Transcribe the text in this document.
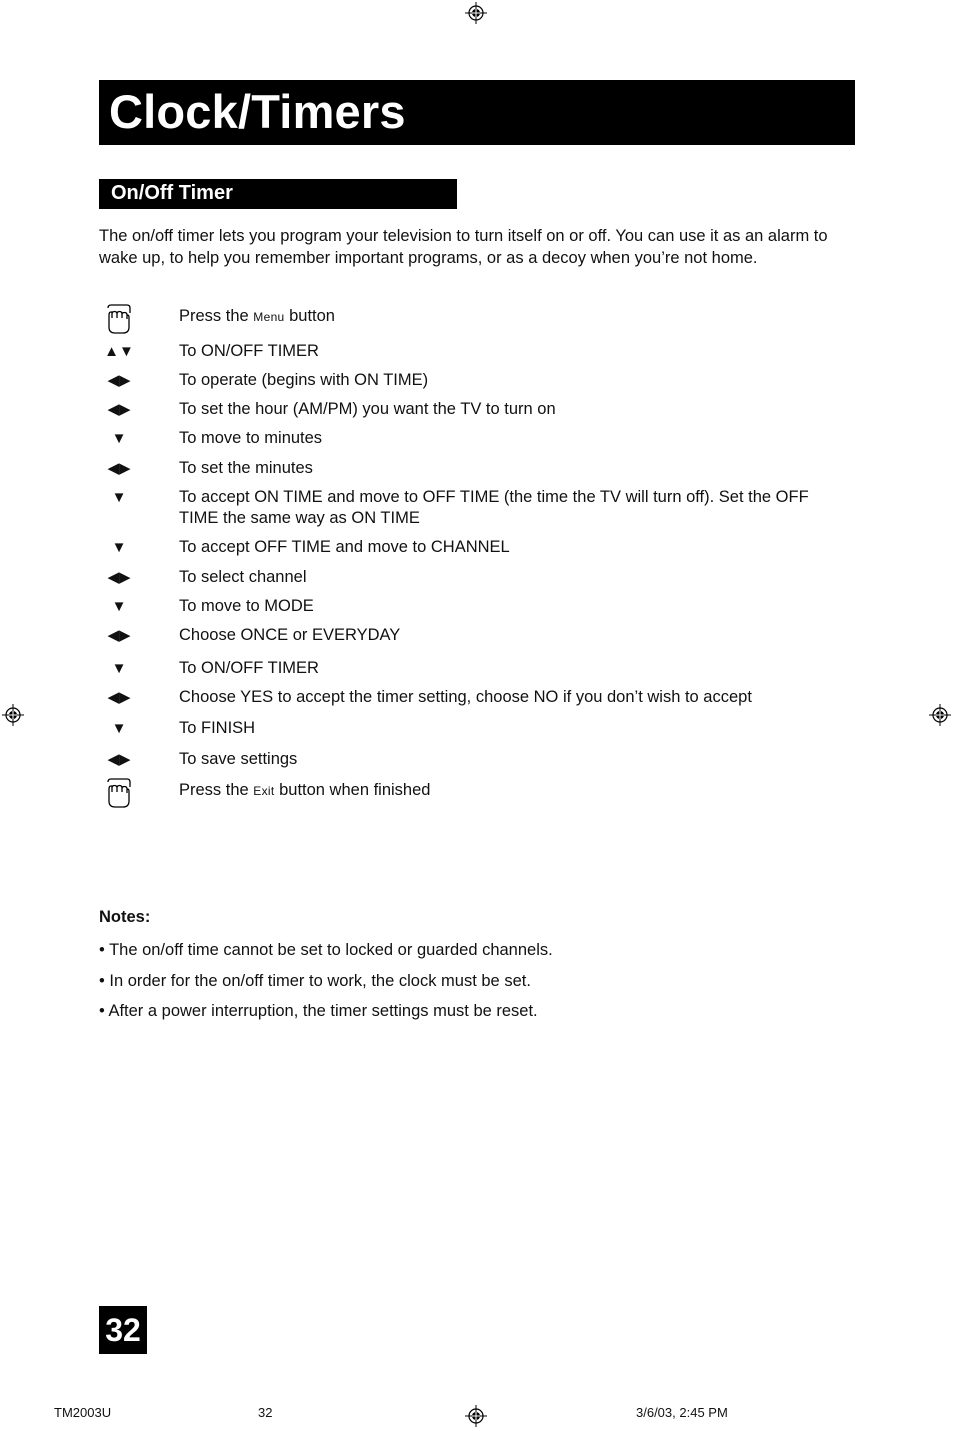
Clock/Timers
On/Off Timer

The on/off timer lets you program your television to turn itself on or off. You can use it as an alarm to wake up, to help you remember important programs, or as a decoy when you’re not home.

Press the Menu button
▲▼	To ON/OFF TIMER
◀▶	To operate (begins with ON TIME)
◀▶	To set the hour (AM/PM) you want the TV to turn on
▼	To move to minutes
◀▶	To set the minutes
▼	To accept ON TIME and move to OFF TIME (the time the TV will turn off). Set the OFF TIME the same way as ON TIME
▼	To accept OFF TIME and move to CHANNEL
◀▶	To select channel
▼	To move to MODE
◀▶	Choose ONCE or EVERYDAY
▼	To ON/OFF TIMER
◀▶	Choose YES to accept the timer setting, choose NO if you don’t wish to accept
▼	To FINISH
◀▶	To save settings
Press the Exit button when finished
Notes:
• The on/off time cannot be set to locked or guarded channels.
• In order for the on/off timer to work, the clock must be set.
• After a power interruption, the timer settings must be reset.
32
TM2003U	32	3/6/03, 2:45 PM
